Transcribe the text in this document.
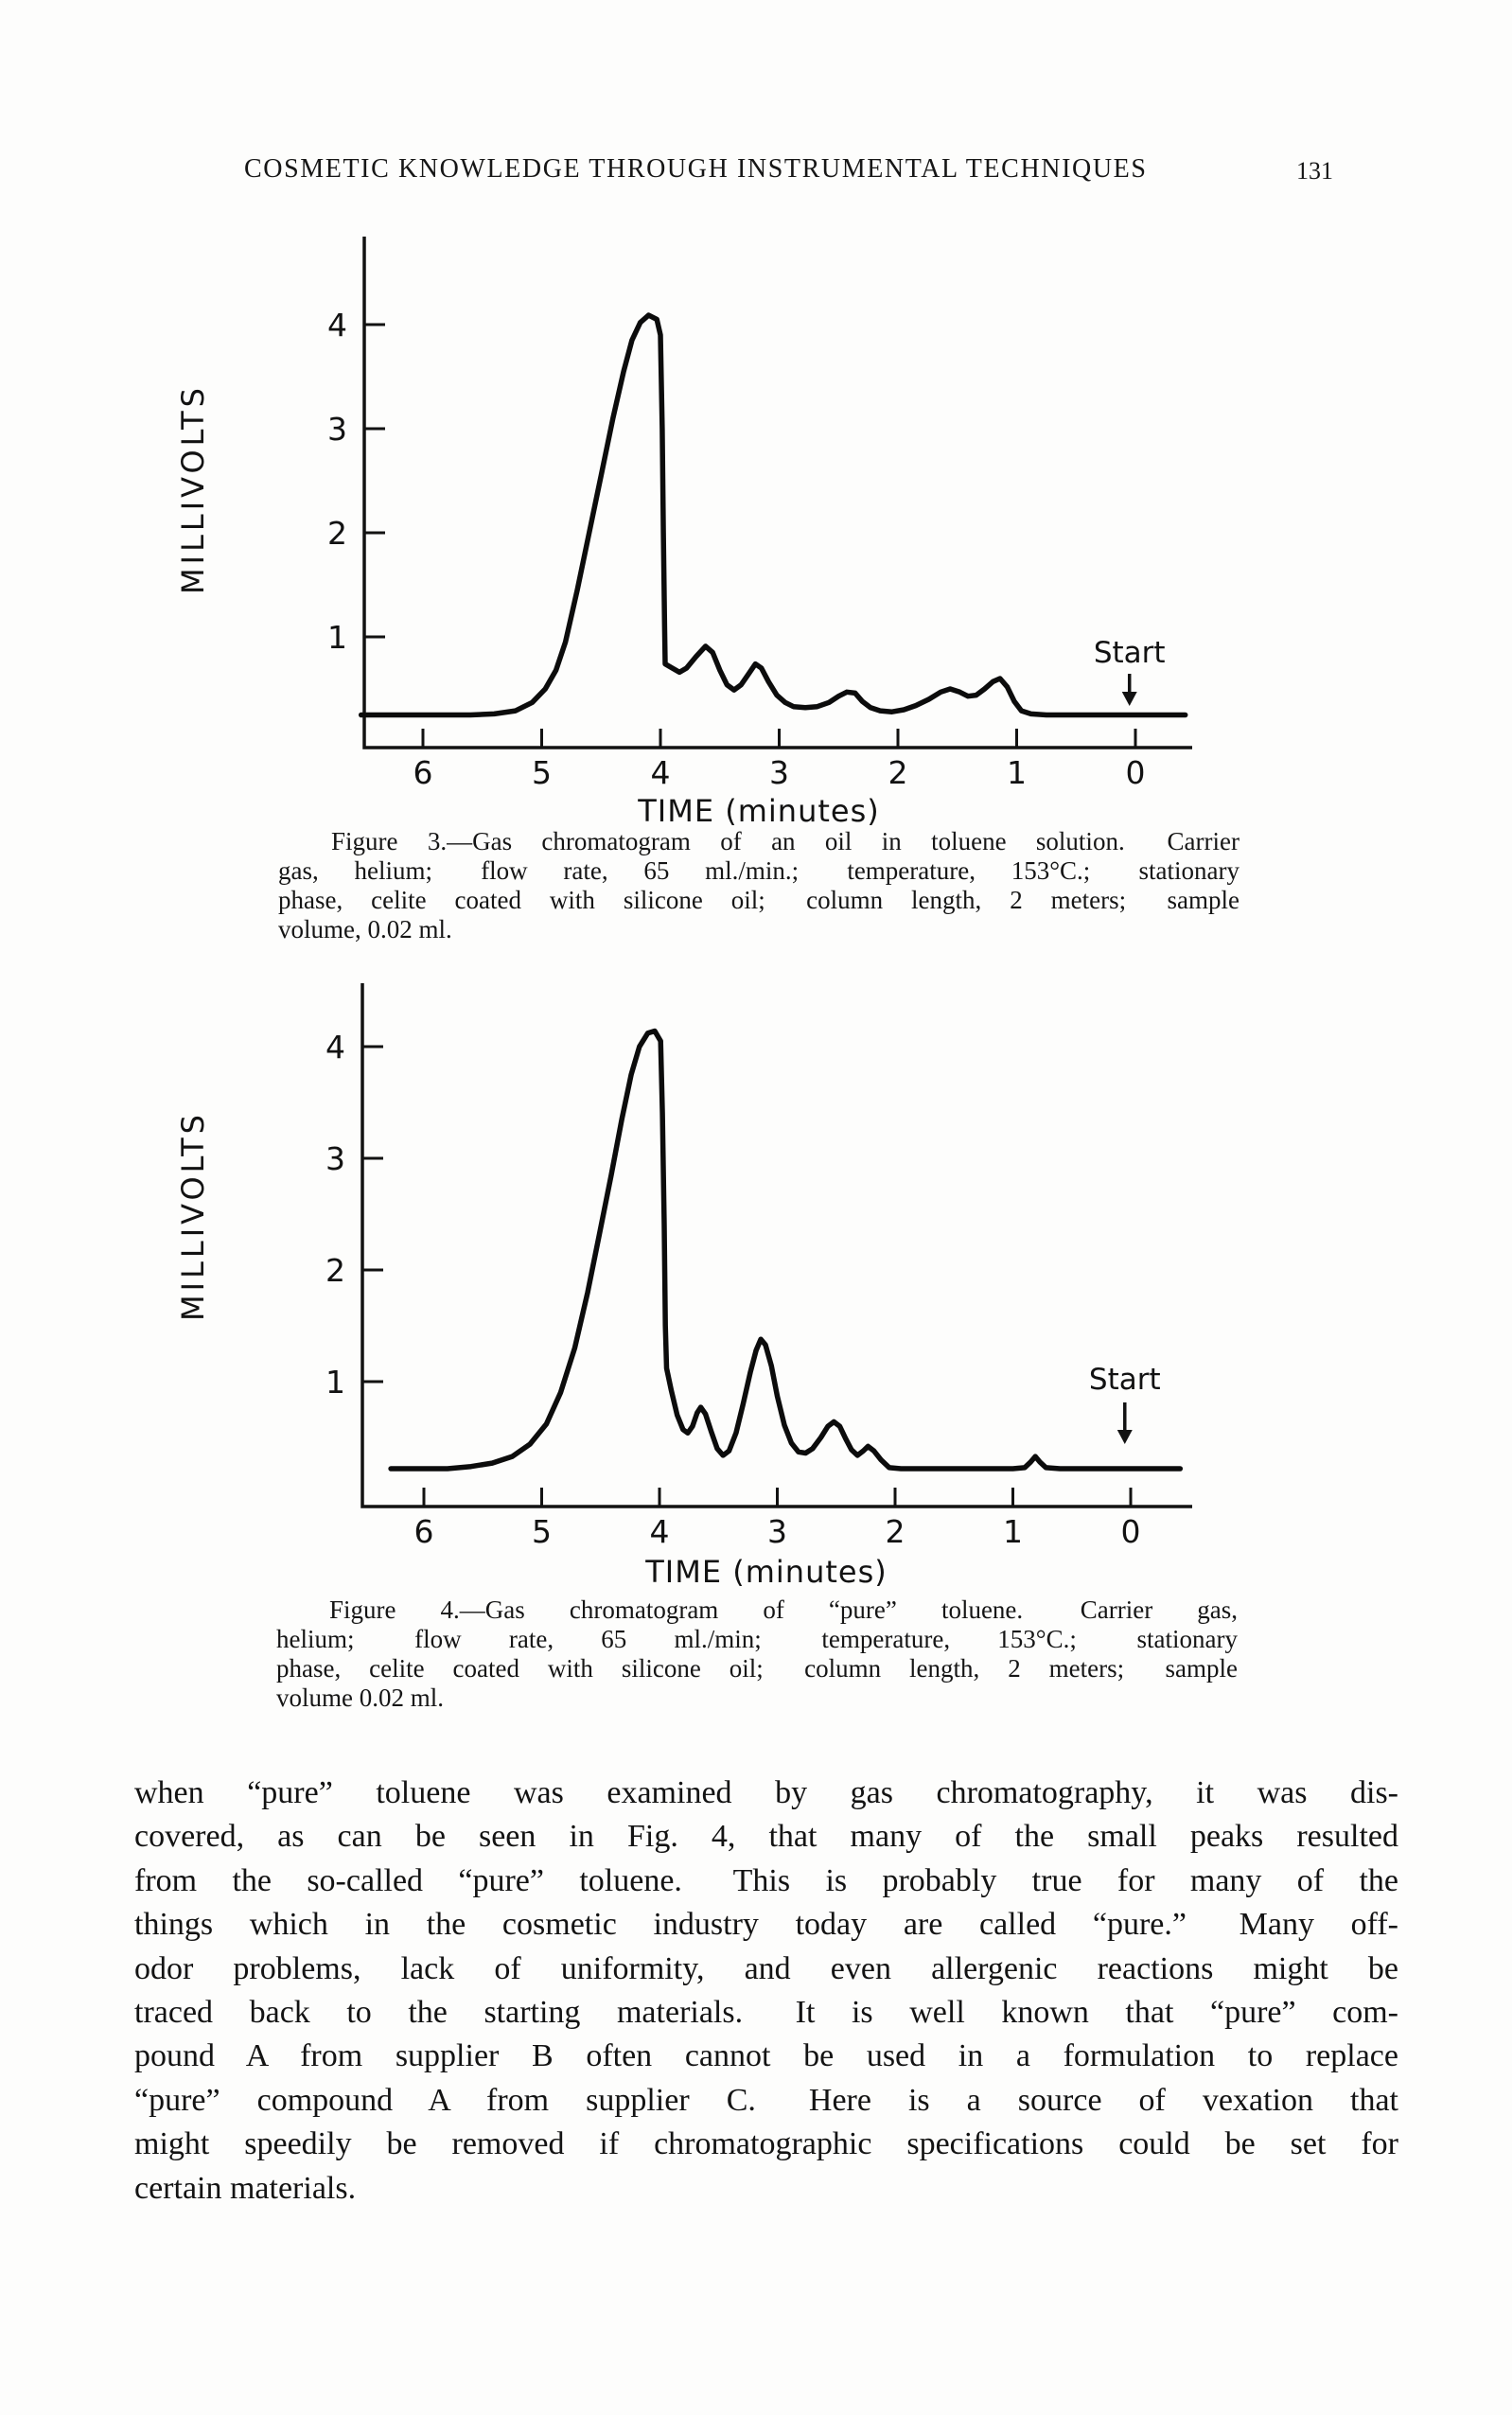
COSMETIC KNOWLEDGE THROUGH INSTRUMENTAL TECHNIQUES	131
6	5	4	3	2	1	0
1
2
3
4
MILLIVOLTS
TIME (minutes)
Start
Figure 3.—Gas chromatogram of an oil in toluene solution.  Carrier
gas, helium;  flow rate, 65 ml./min.;  temperature, 153°C.;  stationary
phase, celite coated with silicone oil;  column length, 2 meters;  sample
volume, 0.02 ml.
6	5	4	3	2	1	0
1
2
3
4
MILLIVOLTS
TIME (minutes)
Start
Figure 4.—Gas chromatogram of “pure” toluene.  Carrier gas,
helium;  flow rate, 65 ml./min;  temperature, 153°C.;  stationary
phase, celite coated with silicone oil;  column length, 2 meters;  sample
volume 0.02 ml.
when “pure” toluene was examined by gas chromatography, it was dis-
covered, as can be seen in Fig. 4, that many of the small peaks resulted
from the so-called “pure” toluene.  This is probably true for many of the
things which in the cosmetic industry today are called “pure.”  Many off-
odor problems, lack of uniformity, and even allergenic reactions might be
traced back to the starting materials.  It is well known that “pure” com-
pound A from supplier B often cannot be used in a formulation to replace
“pure” compound A from supplier C.  Here is a source of vexation that
might speedily be removed if chromatographic specifications could be set for
certain materials.
